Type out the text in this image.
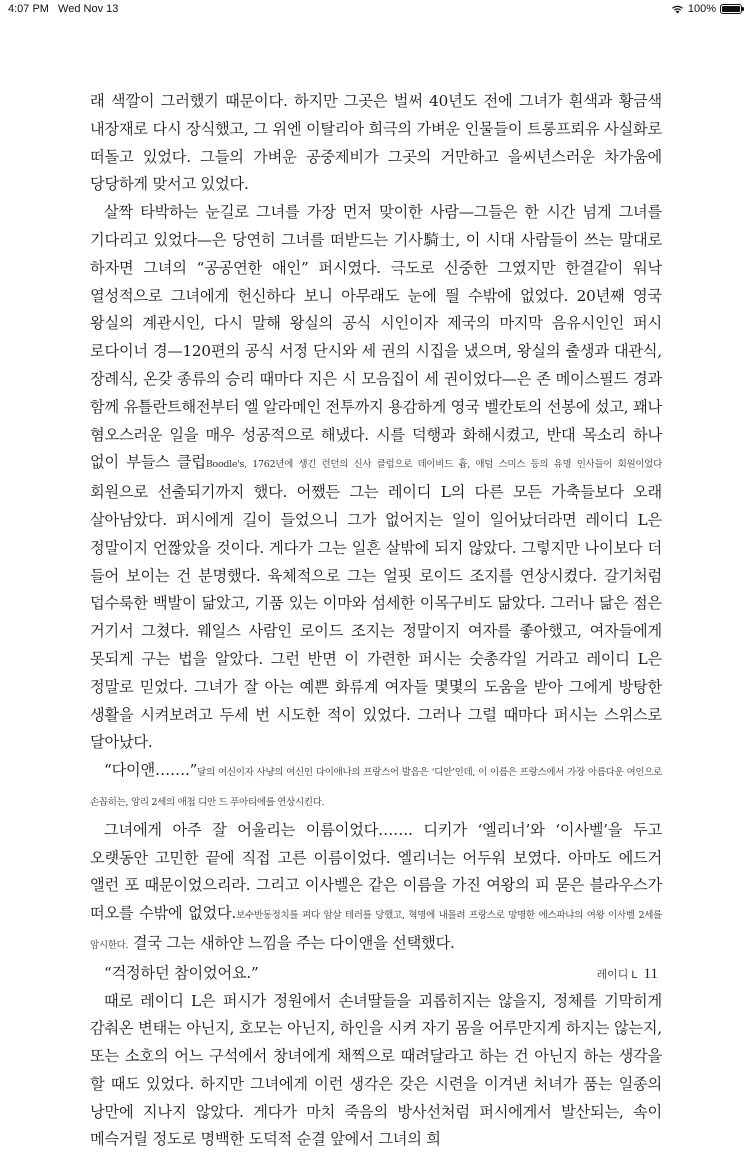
4:07 PM Wed Nov 13	100%

래 색깔이 그러했기 때문이다. 하지만 그곳은 벌써 40년도 전에 그녀가 흰색과 황금색 내장재로 다시 장식했고, 그 위엔 이탈리아 희극의 가벼운 인물들이 트롱프뢰유 사실화로 떠돌고 있었다. 그들의 가벼운 공중제비가 그곳의 거만하고 을씨년스러운 차가움에 당당하게 맞서고 있었다.

살짝 타박하는 눈길로 그녀를 가장 먼저 맞이한 사람—그들은 한 시간 넘게 그녀를 기다리고 있었다—은 당연히 그녀를 떠받드는 기사騎士, 이 시대 사람들이 쓰는 말대로 하자면 그녀의 “공공연한 애인” 퍼시였다. 극도로 신중한 그였지만 한결같이 워낙 열성적으로 그녀에게 헌신하다 보니 아무래도 눈에 띌 수밖에 없었다. 20년째 영국 왕실의 계관시인, 다시 말해 왕실의 공식 시인이자 제국의 마지막 음유시인인 퍼시 로다이너 경—120편의 공식 서정 단시와 세 권의 시집을 냈으며, 왕실의 출생과 대관식, 장례식, 온갖 종류의 승리 때마다 지은 시 모음집이 세 권이었다—은 존 메이스필드 경과 함께 유틀란트해전부터 엘 알라메인 전투까지 용감하게 영국 벨칸토의 선봉에 섰고, 꽤나 혐오스러운 일을 매우 성공적으로 해냈다. 시를 덕행과 화해시켰고, 반대 목소리 하나 없이 부들스 클럽Boodle's, 1762년에 생긴 런던의 신사 클럽으로 데이비드 흄, 애덤 스미스 등의 유명 인사들이 회원이었다 회원으로 선출되기까지 했다. 어쨌든 그는 레이디 L의 다른 모든 가축들보다 오래 살아남았다. 퍼시에게 길이 들었으니 그가 없어지는 일이 일어났더라면 레이디 L은 정말이지 언짢았을 것이다. 게다가 그는 일흔 살밖에 되지 않았다. 그렇지만 나이보다 더 들어 보이는 건 분명했다. 육체적으로 그는 얼핏 로이드 조지를 연상시켰다. 갈기처럼 덥수룩한 백발이 닮았고, 기품 있는 이마와 섬세한 이목구비도 닮았다. 그러나 닮은 점은 거기서 그쳤다. 웨일스 사람인 로이드 조지는 정말이지 여자를 좋아했고, 여자들에게 못되게 구는 법을 알았다. 그런 반면 이 가련한 퍼시는 숫총각일 거라고 레이디 L은 정말로 믿었다. 그녀가 잘 아는 예쁜 화류계 여자들 몇몇의 도움을 받아 그에게 방탕한 생활을 시켜보려고 두세 번 시도한 적이 있었다. 그러나 그럴 때마다 퍼시는 스위스로 달아났다.

“다이앤…….”달의 여신이자 사냥의 여신인 다이애나의 프랑스어 발음은 ‘디안’인데, 이 이름은 프랑스에서 가장 아름다운 여인으로 손꼽히는, 앙리 2세의 애첩 디안 드 푸아티에를 연상시킨다.

그녀에게 아주 잘 어울리는 이름이었다……. 디키가 ‘엘리너’와 ‘이사벨’을 두고 오랫동안 고민한 끝에 직접 고른 이름이었다. 엘리너는 어두워 보였다. 아마도 에드거 앨런 포 때문이었으리라. 그리고 이사벨은 같은 이름을 가진 여왕의 피 묻은 블라우스가 떠오를 수밖에 없었다.보수반동정치를 펴다 암살 테러를 당했고, 혁명에 내몰려 프랑스로 망명한 에스파냐의 여왕 이사벨 2세를 암시한다. 결국 그는 새하얀 느낌을 주는 다이앤을 선택했다.

“걱정하던 참이었어요.”

때로 레이디 L은 퍼시가 정원에서 손녀딸들을 괴롭히지는 않을지, 정체를 기막히게 감춰온 변태는 아닌지, 호모는 아닌지, 하인을 시켜 자기 몸을 어루만지게 하지는 않는지, 또는 소호의 어느 구석에서 창녀에게 채찍으로 때려달라고 하는 건 아닌지 하는 생각을 할 때도 있었다. 하지만 그녀에게 이런 생각은 갖은 시련을 이겨낸 처녀가 품는 일종의 낭만에 지나지 않았다. 게다가 마치 죽음의 방사선처럼 퍼시에게서 발산되는, 속이 메슥거릴 정도로 명백한 도덕적 순결 앞에서 그녀의 희

레이디 L 11
